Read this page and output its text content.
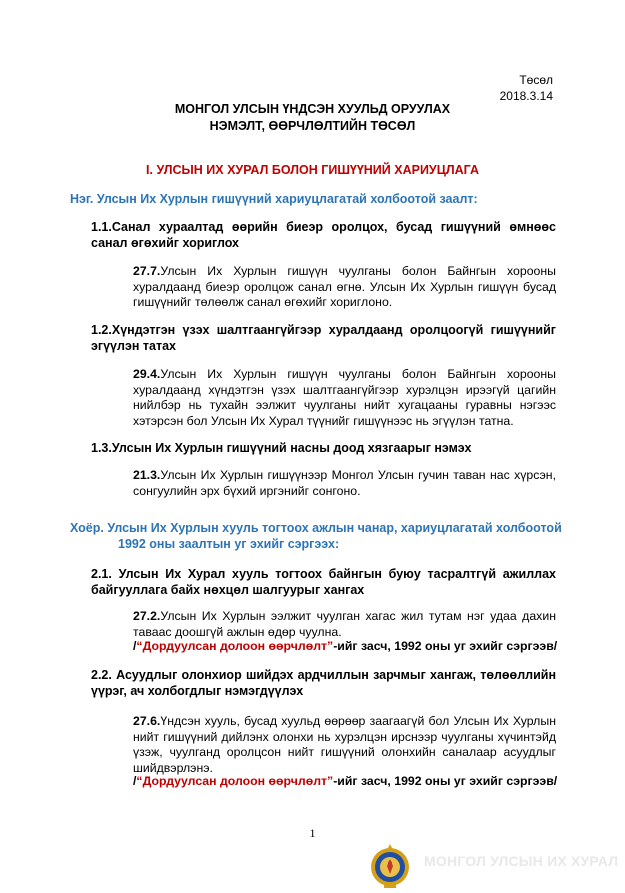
Төсөл
2018.3.14
МОНГОЛ УЛСЫН ҮНДСЭН ХУУЛЬД ОРУУЛАХ
НЭМЭЛТ, ӨӨРЧЛӨЛТИЙН ТӨСӨЛ
I. УЛСЫН ИХ ХУРАЛ БОЛОН ГИШҮҮНИЙ ХАРИУЦЛАГА
Нэг. Улсын Их Хурлын гишүүний хариуцлагатай холбоотой заалт:
1.1.Санал хураалтад өөрийн биеэр оролцох, бусад гишүүний өмнөөс санал өгөхийг хориглох
27.7.Улсын Их Хурлын гишүүн чуулганы болон Байнгын хорооны хуралдаанд биеэр оролцож санал өгнө. Улсын Их Хурлын гишүүн бусад гишүүнийг төлөөлж санал өгөхийг хориглоно.
1.2.Хүндэтгэн үзэх шалтгаангүйгээр хуралдаанд оролцоогүй гишүүнийг эгүүлэн татах
29.4.Улсын Их Хурлын гишүүн чуулганы болон Байнгын хорооны хуралдаанд хүндэтгэн үзэх шалтгаангүйгээр хурэлцэн ирээгүй цагийн нийлбэр нь тухайн ээлжит чуулганы нийт хугацааны гуравны нэгээс хэтэрсэн бол Улсын Их Хурал түүнийг гишүүнээс нь эгүүлэн татна.
1.3.Улсын Их Хурлын гишүүний насны доод хязгаарыг нэмэх
21.3.Улсын Их Хурлын гишүүнээр Монгол Улсын гучин таван нас хүрсэн, сонгуулийн эрх бүхий иргэнийг сонгоно.
Хоёр. Улсын Их Хурлын хууль тогтоох ажлын чанар, хариуцлагатай холбоотой
1992 оны заалтын уг эхийг сэргээх:
2.1. Улсын Их Хурал хууль тогтоох байнгын буюу тасралтгүй ажиллах байгууллага байх нөхцөл шалгуурыг хангах
27.2.Улсын Их Хурлын ээлжит чуулган хагас жил тутам нэг удаа дахин таваас доошгүй ажлын өдөр чуулна.
/“Дордуулсан долоон өөрчлөлт”-ийг засч, 1992 оны уг эхийг сэргээв/
2.2. Асуудлыг олонхиор шийдэх ардчиллын зарчмыг хангаж, төлөөллийн үүрэг, ач холбогдлыг нэмэгдүүлэх
27.6.Үндсэн хууль, бусад хуульд өөрөөр заагаагүй бол Улсын Их Хурлын нийт гишүүний дийлэнх олонхи нь хурэлцэн ирснээр чуулганы хүчинтэйд үзэж, чуулганд оролцсон нийт гишүүний олонхийн саналаар асуудлыг шийдвэрлэнэ.
/“Дордуулсан долоон өөрчлөлт”-ийг засч, 1992 оны уг эхийг сэргээв/
1
МОНГОЛ УЛСЫН ИХ ХУРАЛ
